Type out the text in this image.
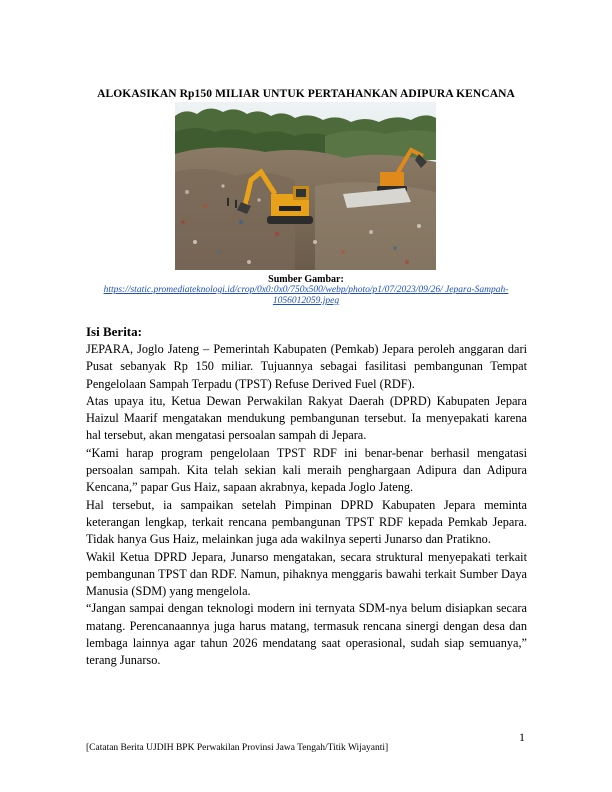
ALOKASIKAN Rp150 MILIAR UNTUK PERTAHANKAN ADIPURA KENCANA
Sumber Gambar:
https://static.promediateknologi.id/crop/0x0:0x0/750x500/webp/photo/p1/07/2023/09/26/ Jepara-Sampah-1056012059.jpeg
Isi Berita:

JEPARA, Joglo Jateng – Pemerintah Kabupaten (Pemkab) Jepara peroleh anggaran dari Pusat sebanyak Rp 150 miliar. Tujuannya sebagai fasilitasi pembangunan Tempat Pengelolaan Sampah Terpadu (TPST) Refuse Derived Fuel (RDF).

Atas upaya itu, Ketua Dewan Perwakilan Rakyat Daerah (DPRD) Kabupaten Jepara Haizul Maarif mengatakan mendukung pembangunan tersebut. Ia menyepakati karena hal tersebut, akan mengatasi persoalan sampah di Jepara.

“Kami harap program pengelolaan TPST RDF ini benar-benar berhasil mengatasi persoalan sampah. Kita telah sekian kali meraih penghargaan Adipura dan Adipura Kencana,” papar Gus Haiz, sapaan akrabnya, kepada Joglo Jateng.

Hal tersebut, ia sampaikan setelah Pimpinan DPRD Kabupaten Jepara meminta keterangan lengkap, terkait rencana pembangunan TPST RDF kepada Pemkab Jepara. Tidak hanya Gus Haiz, melainkan juga ada wakilnya seperti Junarso dan Pratikno.

Wakil Ketua DPRD Jepara, Junarso mengatakan, secara struktural menyepakati terkait pembangunan TPST dan RDF. Namun, pihaknya menggaris bawahi terkait Sumber Daya Manusia (SDM) yang mengelola.

“Jangan sampai dengan teknologi modern ini ternyata SDM-nya belum disiapkan secara matang. Perencanaannya juga harus matang, termasuk rencana sinergi dengan desa dan lembaga lainnya agar tahun 2026 mendatang saat operasional, sudah siap semuanya,” terang Junarso.

1
[Catatan Berita UJDIH BPK Perwakilan Provinsi Jawa Tengah/Titik Wijayanti]
